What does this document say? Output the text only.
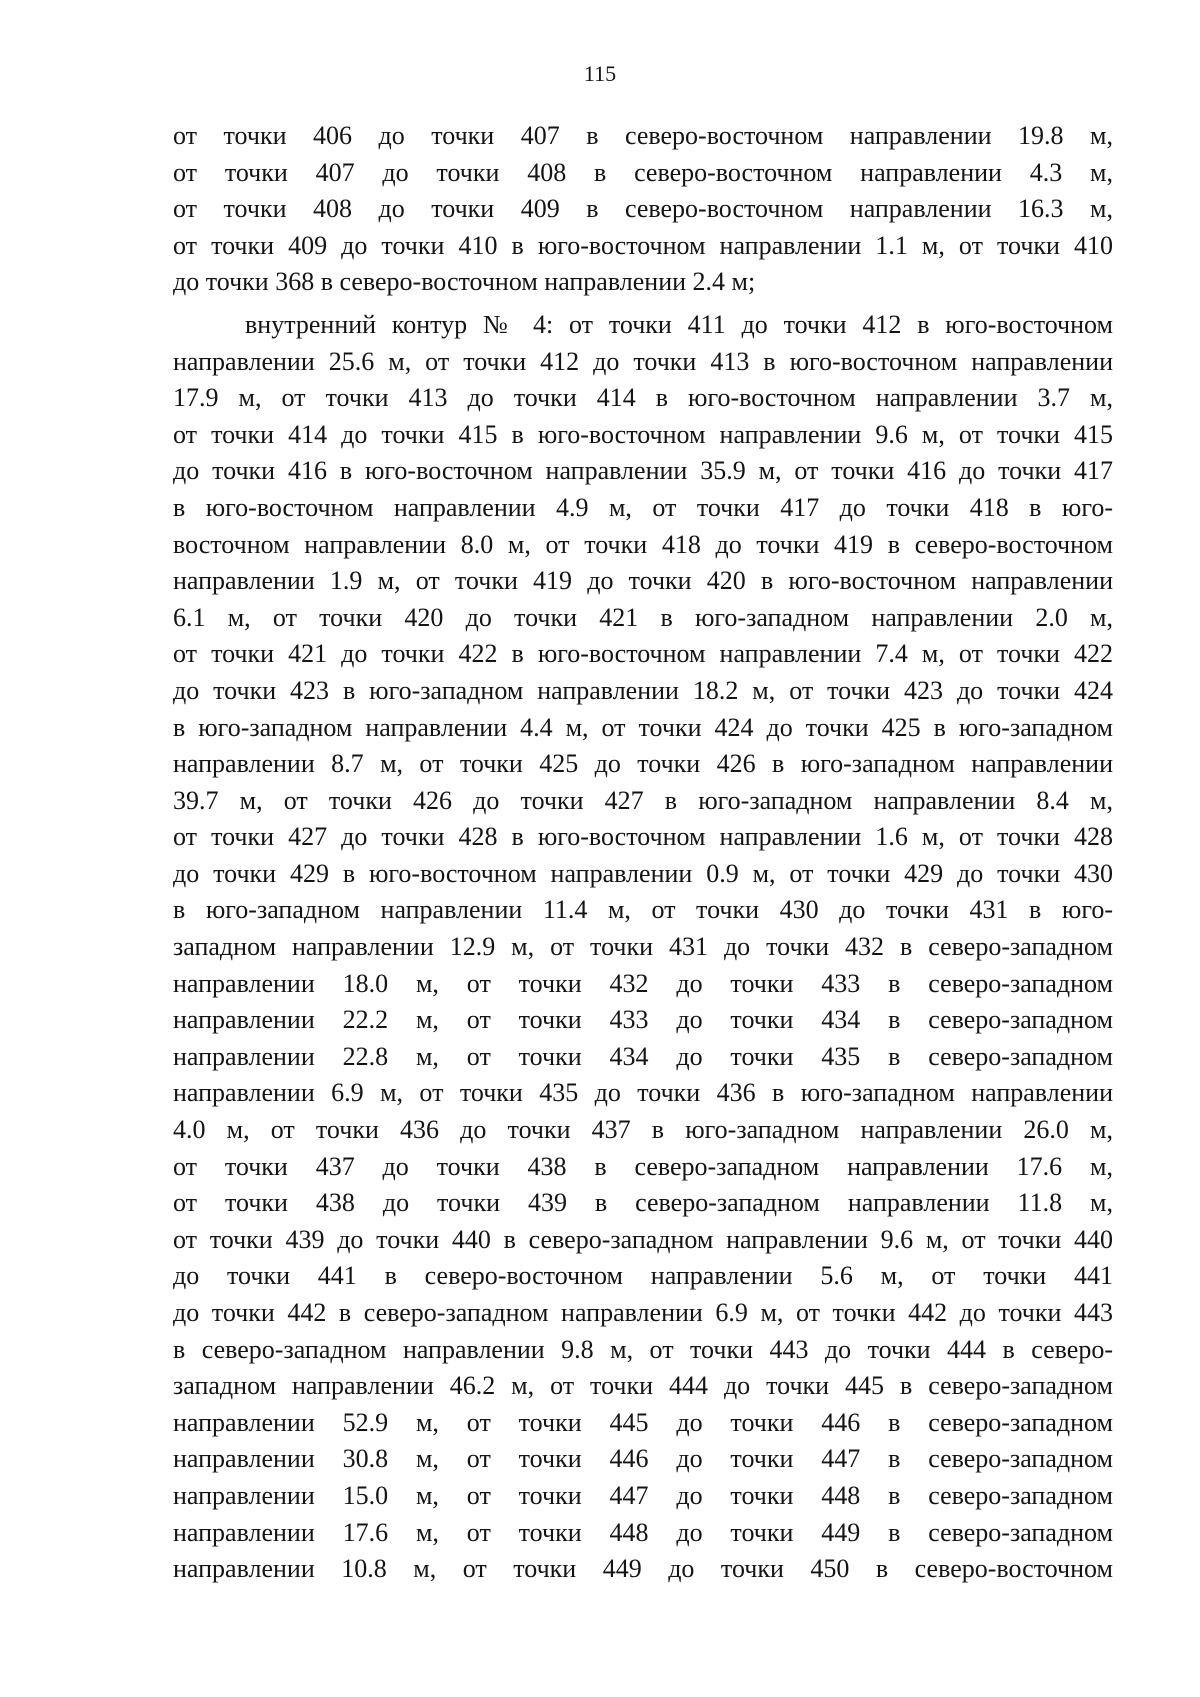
115
от точки 406 до точки 407 в северо-восточном направлении 19.8 м,
от точки 407 до точки 408 в северо-восточном направлении 4.3 м,
от точки 408 до точки 409 в северо-восточном направлении 16.3 м,
от точки 409 до точки 410 в юго-восточном направлении 1.1 м, от точки 410
до точки 368 в северо-восточном направлении 2.4 м;
внутренний контур № 4: от точки 411 до точки 412 в юго-восточном
направлении 25.6 м, от точки 412 до точки 413 в юго-восточном направлении
17.9 м, от точки 413 до точки 414 в юго-восточном направлении 3.7 м,
от точки 414 до точки 415 в юго-восточном направлении 9.6 м, от точки 415
до точки 416 в юго-восточном направлении 35.9 м, от точки 416 до точки 417
в юго-восточном направлении 4.9 м, от точки 417 до точки 418 в юго-
восточном направлении 8.0 м, от точки 418 до точки 419 в северо-восточном
направлении 1.9 м, от точки 419 до точки 420 в юго-восточном направлении
6.1 м, от точки 420 до точки 421 в юго-западном направлении 2.0 м,
от точки 421 до точки 422 в юго-восточном направлении 7.4 м, от точки 422
до точки 423 в юго-западном направлении 18.2 м, от точки 423 до точки 424
в юго-западном направлении 4.4 м, от точки 424 до точки 425 в юго-западном
направлении 8.7 м, от точки 425 до точки 426 в юго-западном направлении
39.7 м, от точки 426 до точки 427 в юго-западном направлении 8.4 м,
от точки 427 до точки 428 в юго-восточном направлении 1.6 м, от точки 428
до точки 429 в юго-восточном направлении 0.9 м, от точки 429 до точки 430
в юго-западном направлении 11.4 м, от точки 430 до точки 431 в юго-
западном направлении 12.9 м, от точки 431 до точки 432 в северо-западном
направлении 18.0 м, от точки 432 до точки 433 в северо-западном
направлении 22.2 м, от точки 433 до точки 434 в северо-западном
направлении 22.8 м, от точки 434 до точки 435 в северо-западном
направлении 6.9 м, от точки 435 до точки 436 в юго-западном направлении
4.0 м, от точки 436 до точки 437 в юго-западном направлении 26.0 м,
от точки 437 до точки 438 в северо-западном направлении 17.6 м,
от точки 438 до точки 439 в северо-западном направлении 11.8 м,
от точки 439 до точки 440 в северо-западном направлении 9.6 м, от точки 440
до точки 441 в северо-восточном направлении 5.6 м, от точки 441
до точки 442 в северо-западном направлении 6.9 м, от точки 442 до точки 443
в северо-западном направлении 9.8 м, от точки 443 до точки 444 в северо-
западном направлении 46.2 м, от точки 444 до точки 445 в северо-западном
направлении 52.9 м, от точки 445 до точки 446 в северо-западном
направлении 30.8 м, от точки 446 до точки 447 в северо-западном
направлении 15.0 м, от точки 447 до точки 448 в северо-западном
направлении 17.6 м, от точки 448 до точки 449 в северо-западном
направлении 10.8 м, от точки 449 до точки 450 в северо-восточном
